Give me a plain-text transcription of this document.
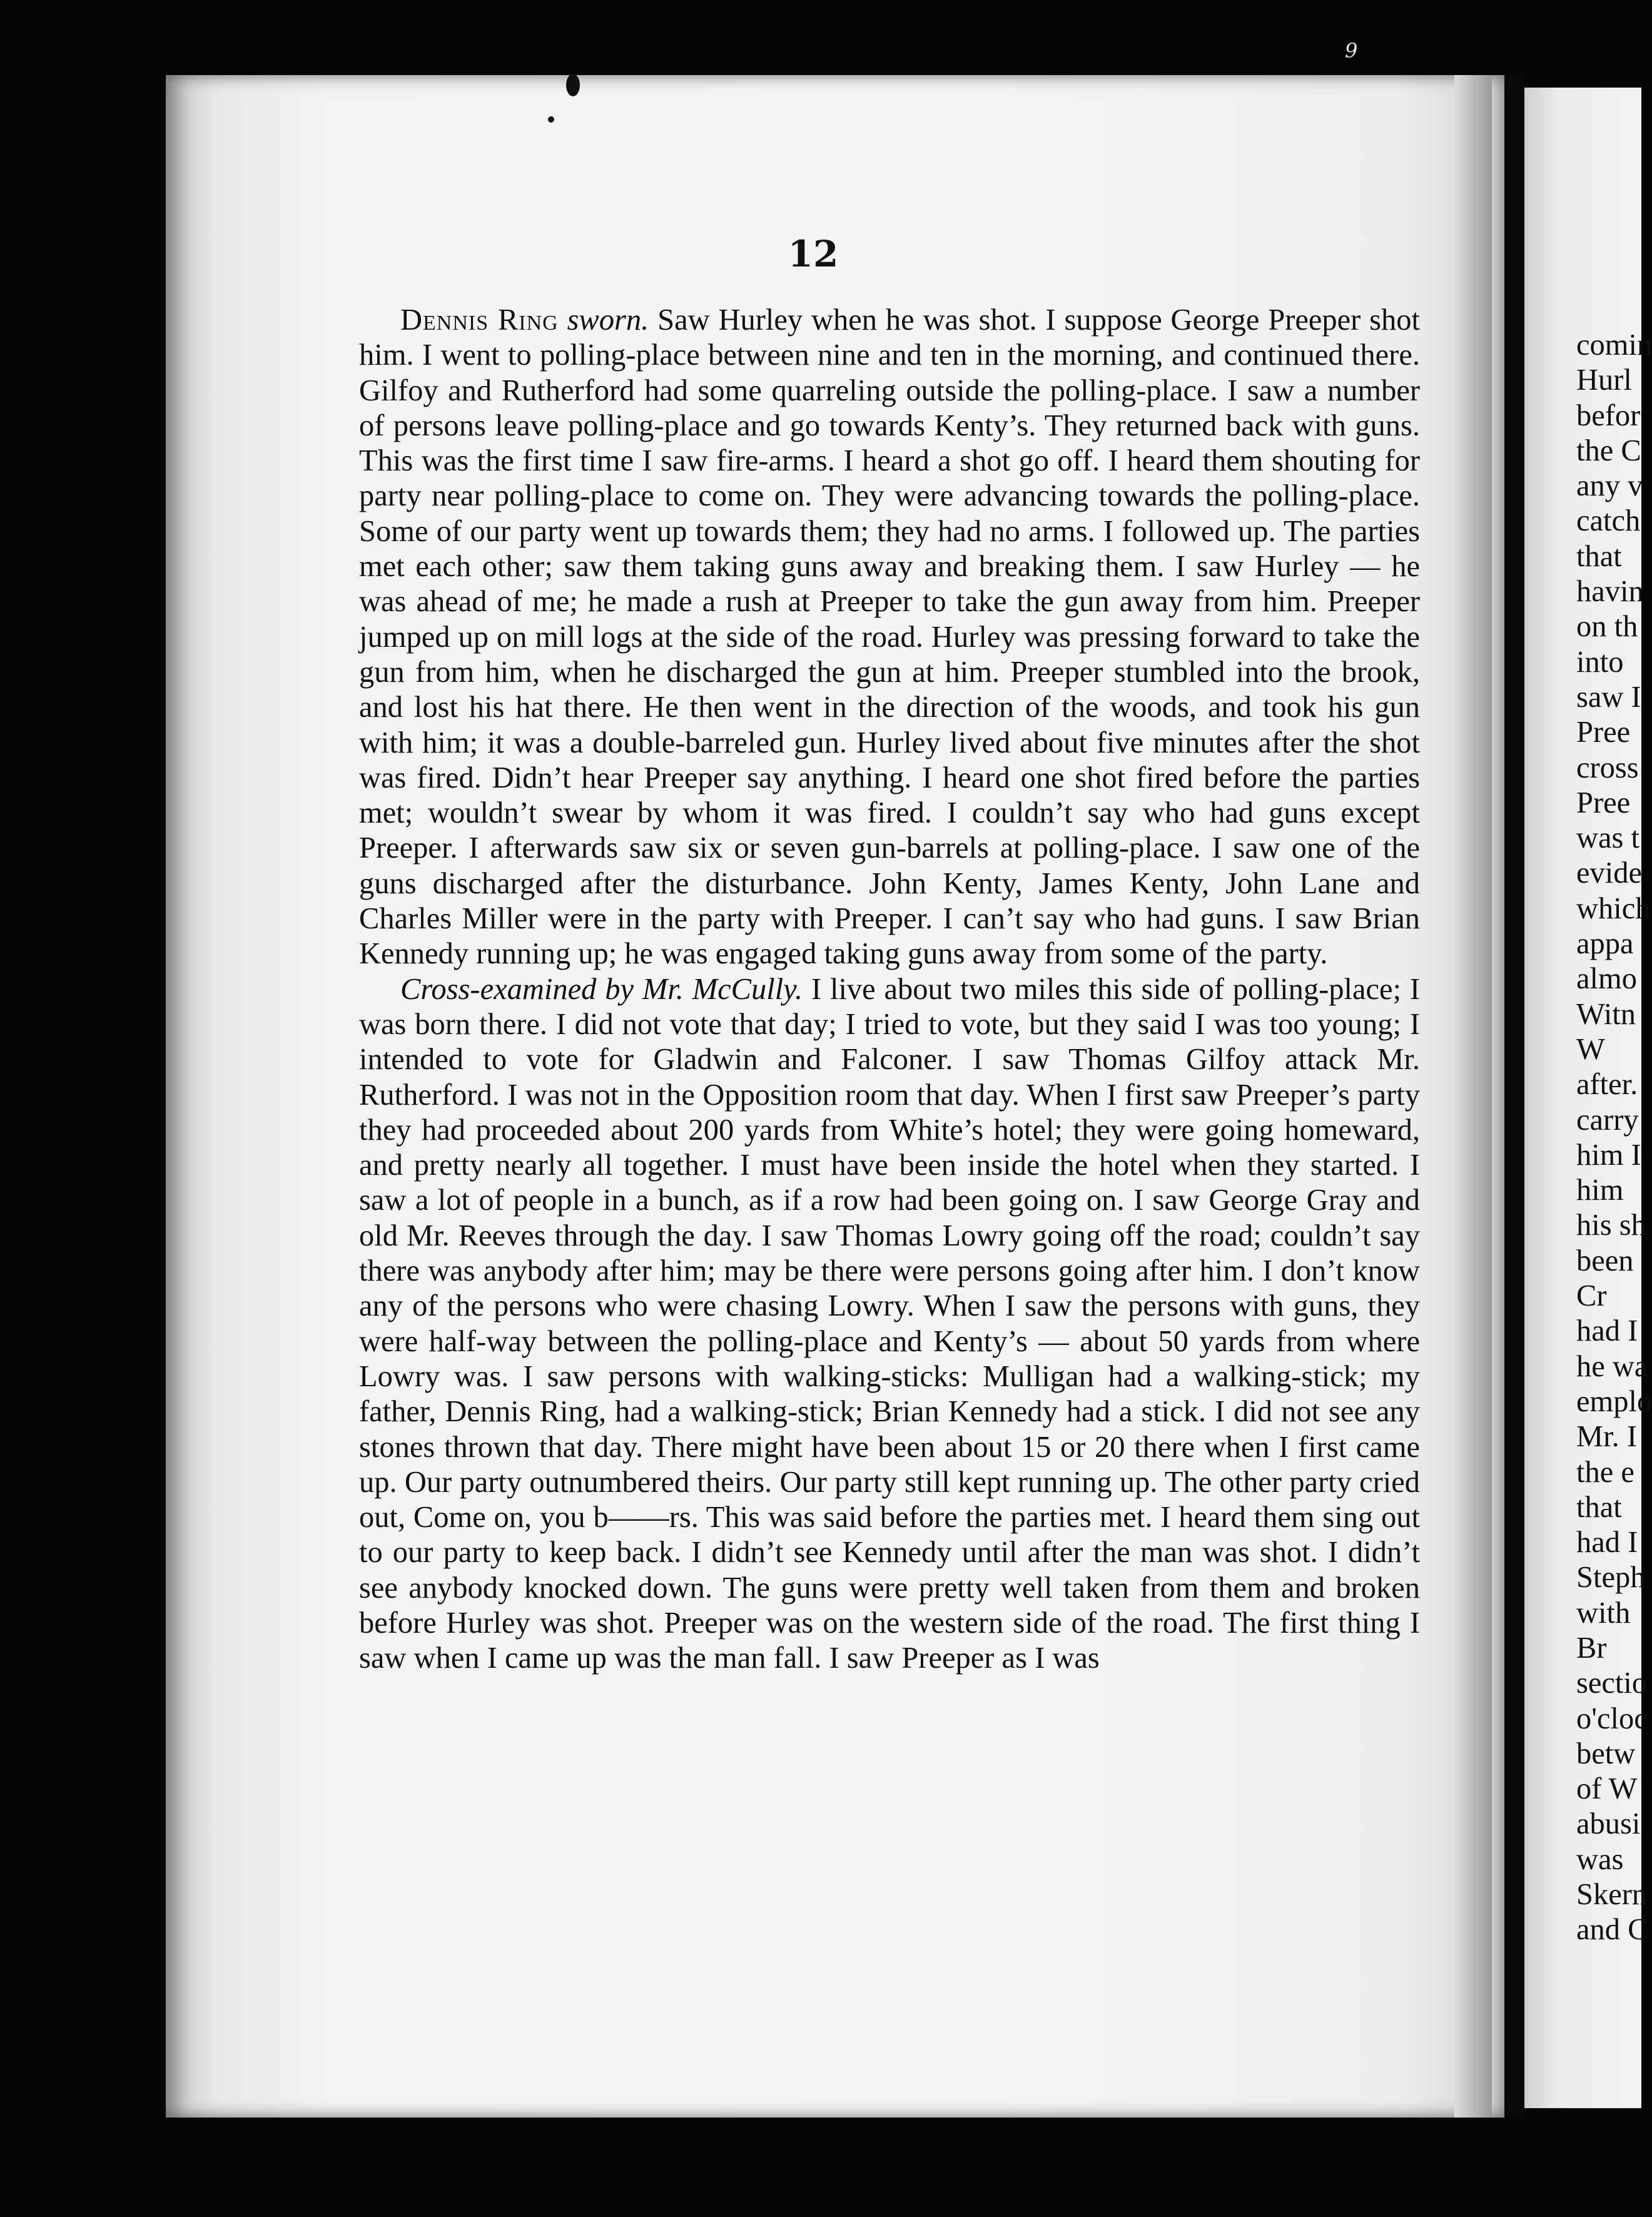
9
12

Dennis Ring sworn. Saw Hurley when he was shot. I suppose George Preeper shot him. I went to polling-place between nine and ten in the morning, and continued there. Gilfoy and Rutherford had some quarreling outside the polling-place. I saw a number of persons leave polling-place and go towards Kenty’s. They returned back with guns. This was the first time I saw fire-arms. I heard a shot go off. I heard them shouting for party near polling-place to come on. They were advancing towards the polling-place. Some of our party went up towards them; they had no arms. I followed up. The parties met each other; saw them taking guns away and breaking them. I saw Hurley — he was ahead of me; he made a rush at Preeper to take the gun away from him. Preeper jumped up on mill logs at the side of the road. Hurley was pressing forward to take the gun from him, when he discharged the gun at him. Preeper stumbled into the brook, and lost his hat there. He then went in the direction of the woods, and took his gun with him; it was a double-barreled gun. Hurley lived about five minutes after the shot was fired. Didn’t hear Preeper say anything. I heard one shot fired before the parties met; wouldn’t swear by whom it was fired. I couldn’t say who had guns except Preeper. I afterwards saw six or seven gun-barrels at polling-place. I saw one of the guns discharged after the disturbance. John Kenty, James Kenty, John Lane and Charles Miller were in the party with Preeper. I can’t say who had guns. I saw Brian Kennedy running up; he was engaged taking guns away from some of the party.

Cross-examined by Mr. McCully. I live about two miles this side of polling-place; I was born there. I did not vote that day; I tried to vote, but they said I was too young; I intended to vote for Gladwin and Falconer. I saw Thomas Gilfoy attack Mr. Rutherford. I was not in the Opposition room that day. When I first saw Preeper’s party they had proceeded about 200 yards from White’s hotel; they were going homeward, and pretty nearly all together. I must have been inside the hotel when they started. I saw a lot of people in a bunch, as if a row had been going on. I saw George Gray and old Mr. Reeves through the day. I saw Thomas Lowry going off the road; couldn’t say there was anybody after him; may be there were persons going after him. I don’t know any of the persons who were chasing Lowry. When I saw the persons with guns, they were half-way between the polling-place and Kenty’s — about 50 yards from where Lowry was. I saw persons with walking-sticks: Mulligan had a walking-stick; my father, Dennis Ring, had a walking-stick; Brian Kennedy had a stick. I did not see any stones thrown that day. There might have been about 15 or 20 there when I first came up. Our party outnumbered theirs. Our party still kept running up. The other party cried out, Come on, you b——rs. This was said before the parties met. I heard them sing out to our party to keep back. I didn’t see Kennedy until after the man was shot. I didn’t see anybody knocked down. The guns were pretty well taken from them and broken before Hurley was shot. Preeper was on the western side of the road. The first thing I saw when I came up was the man fall. I saw Preeper as I was

comin
Hurl
befor
the C
any v
catch
that
havin
on th
into
saw I
Pree
cross
Pree
was t
evide
which
appa
almo
Witn
W
after.
carry
him I
him
his sh
been
Cr
had I
he wa
emplo
Mr. I
the e
that
had I
Steph
with
Br
sectio
o'cloc
betw
of W
abusi
was
Skern
and C
